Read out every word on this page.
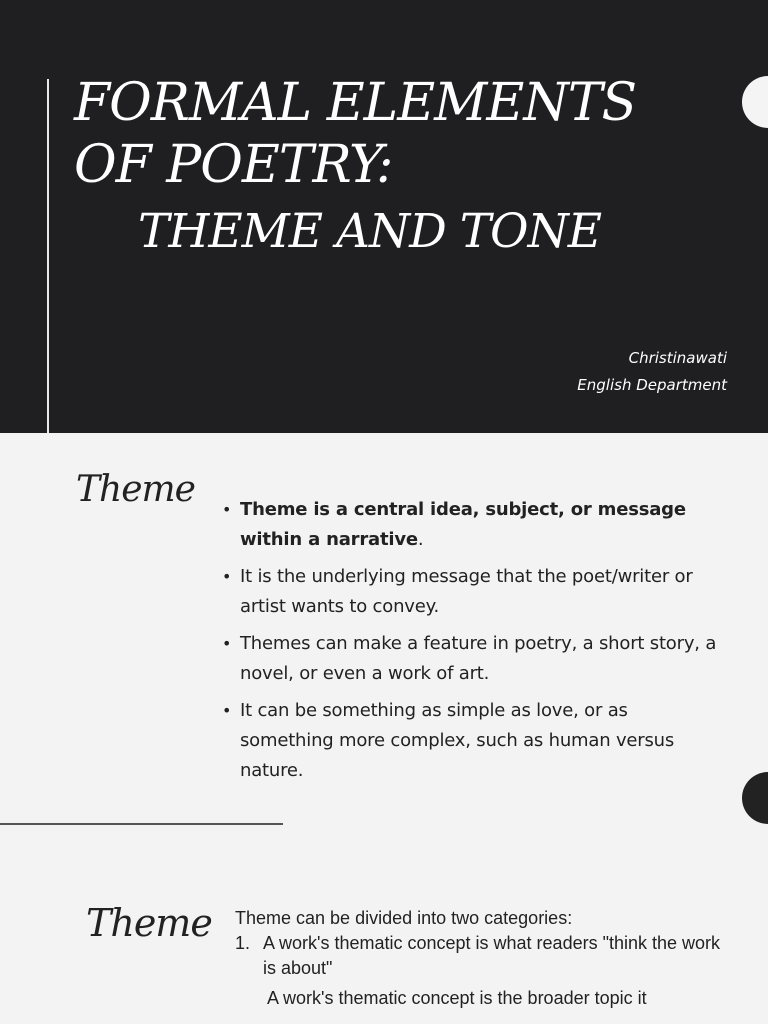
FORMAL ELEMENTS
OF POETRY:
THEME AND TONE
Christinawati
English Department
Theme
•	Theme is a central idea, subject, or message within a narrative.
• It is the underlying message that the poet/writer or artist wants to convey.
• Themes can make a feature in poetry, a short story, a novel, or even a work of art.
• It can be something as simple as love, or as something more complex, such as human versus nature.
Theme Theme can be divided into two categories:
1. A work's thematic concept is what readers "think the work is about"
A work's thematic concept is the broader topic it
